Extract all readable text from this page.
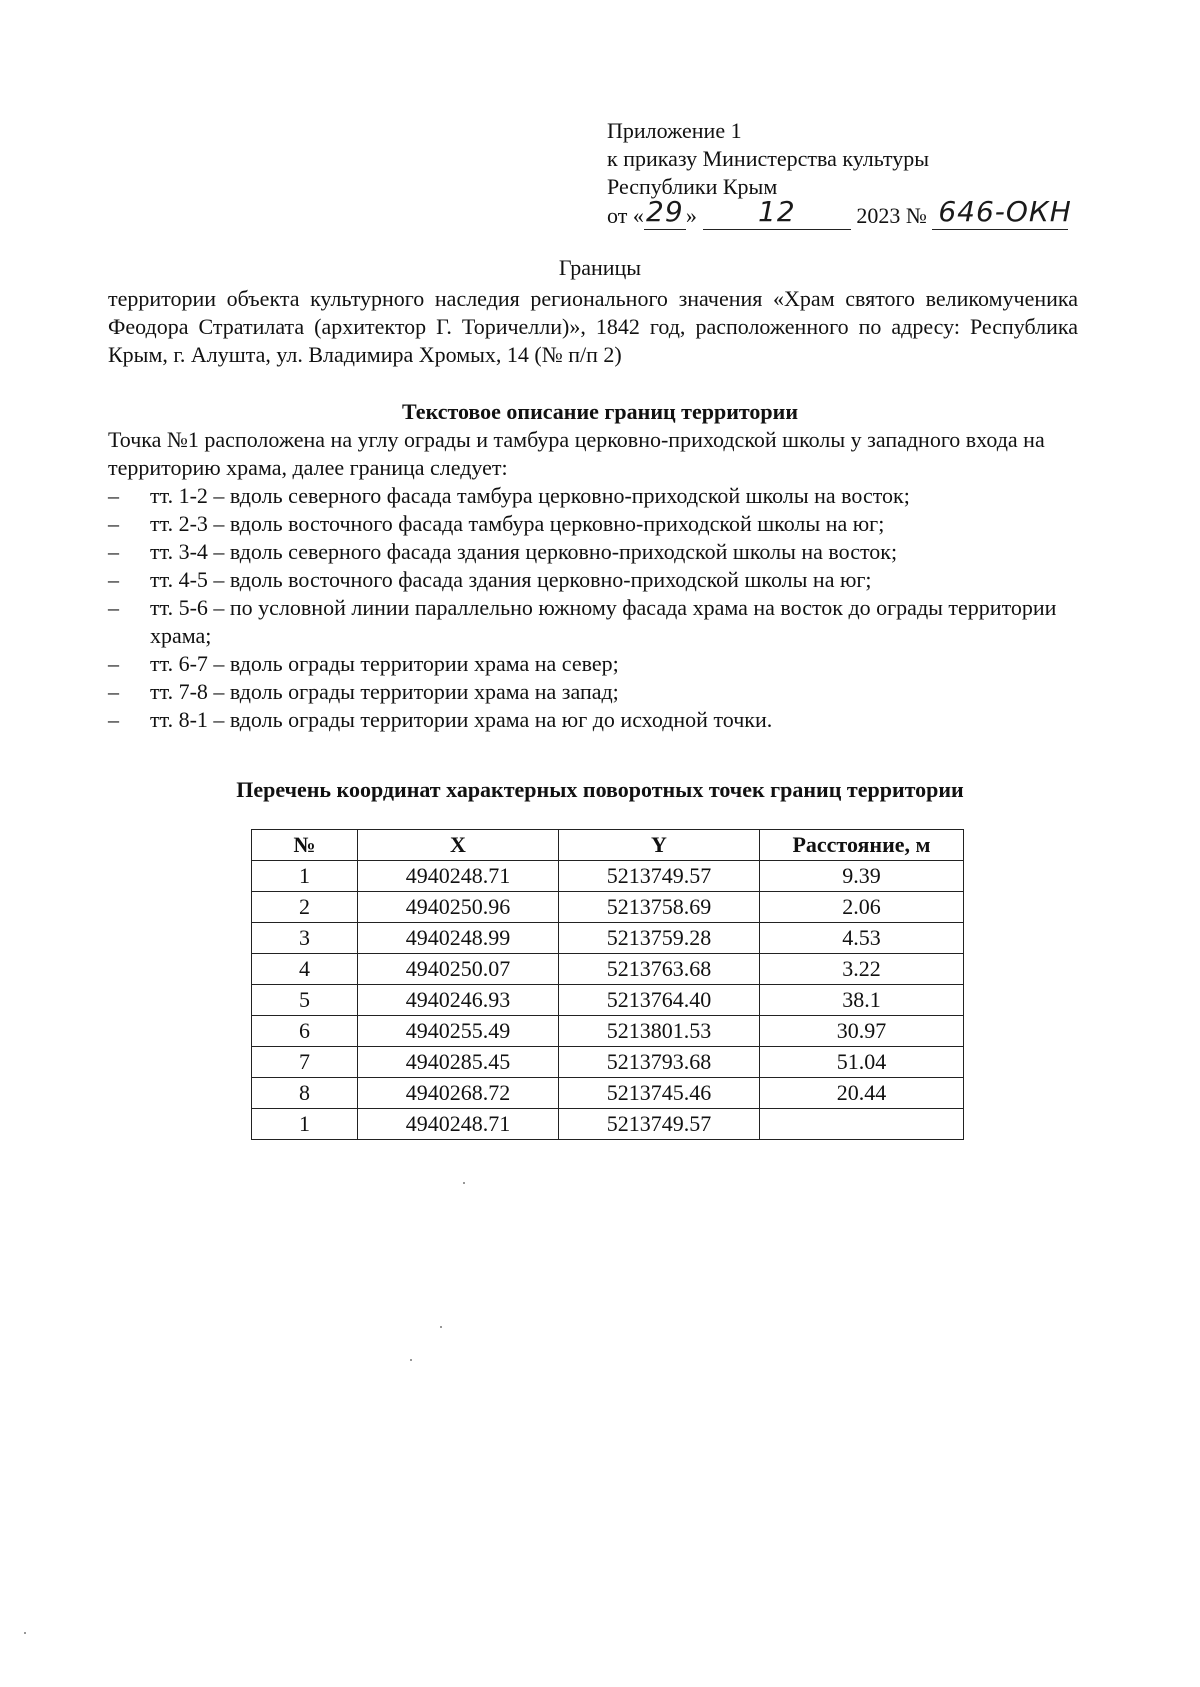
Приложение 1
к приказу Министерства культуры
Республики Крым
от «29» 12	2023 № 646-ОКН
Границы
территории объекта культурного наследия регионального значения «Храм святого великомученика Феодора Стратилата (архитектор Г. Торичелли)», 1842 год, расположенного по адресу: Республика Крым, г. Алушта, ул. Владимира Хромых, 14 (№ п/п 2)
Текстовое описание границ территории
Точка №1 расположена на углу ограды и тамбура церковно-приходской школы у западного входа на территорию храма, далее граница следует:
– тт. 1-2 – вдоль северного фасада тамбура церковно-приходской школы на восток;
– тт. 2-3 – вдоль восточного фасада тамбура церковно-приходской школы на юг;
– тт. 3-4 – вдоль северного фасада здания церковно-приходской школы на восток;
– тт. 4-5 – вдоль восточного фасада здания церковно-приходской школы на юг;
– тт. 5-6 – по условной линии параллельно южному фасада храма на восток до ограды территории храма;
– тт. 6-7 – вдоль ограды территории храма на север;
– тт. 7-8 – вдоль ограды территории храма на запад;
– тт. 8-1 – вдоль ограды территории храма на юг до исходной точки.
Перечень координат характерных поворотных точек границ территории
№	X	Y	Расстояние, м
1	4940248.71	5213749.57	9.39
2	4940250.96	5213758.69	2.06
3	4940248.99	5213759.28	4.53
4	4940250.07	5213763.68	3.22
5	4940246.93	5213764.40	38.1
6	4940255.49	5213801.53	30.97
7	4940285.45	5213793.68	51.04
8	4940268.72	5213745.46	20.44
1	4940248.71	5213749.57	
